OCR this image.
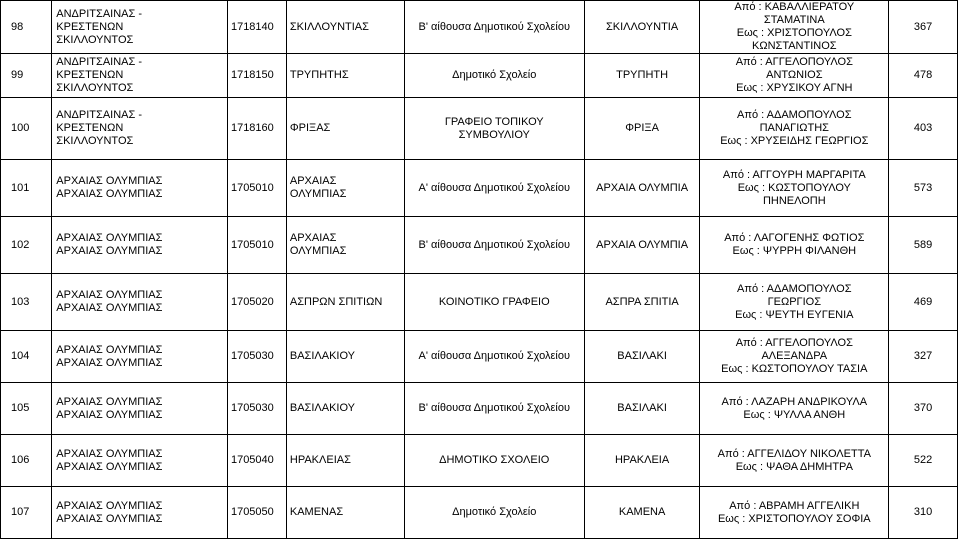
98	ΑΝΔΡΙΤΣΑΙΝΑΣ -
ΚΡΕΣΤΕΝΩΝ
ΣΚΙΛΛΟΥΝΤΟΣ	1718140	ΣΚΙΛΛΟΥΝΤΙΑΣ	Β' αίθουσα Δημοτικού Σχολείου	ΣΚΙΛΛΟΥΝΤΙΑ	Από : ΚΑΒΑΛΛΙΕΡΑΤΟΥ
ΣΤΑΜΑΤΙΝΑ
Εως : ΧΡΙΣΤΟΠΟΥΛΟΣ
ΚΩΝΣΤΑΝΤΙΝΟΣ	367
99	ΑΝΔΡΙΤΣΑΙΝΑΣ -
ΚΡΕΣΤΕΝΩΝ
ΣΚΙΛΛΟΥΝΤΟΣ	1718150	ΤΡΥΠΗΤΗΣ	Δημοτικό Σχολείο	ΤΡΥΠΗΤΗ	Από : ΑΓΓΕΛΟΠΟΥΛΟΣ
ΑΝΤΩΝΙΟΣ
Εως : ΧΡΥΣΙΚΟΥ ΑΓΝΗ	478
100	ΑΝΔΡΙΤΣΑΙΝΑΣ -
ΚΡΕΣΤΕΝΩΝ
ΣΚΙΛΛΟΥΝΤΟΣ	1718160	ΦΡΙΞΑΣ	ΓΡΑΦΕΙΟ ΤΟΠΙΚΟΥ
ΣΥΜΒΟΥΛΙΟΥ	ΦΡΙΞΑ	Από : ΑΔΑΜΟΠΟΥΛΟΣ
ΠΑΝΑΓΙΩΤΗΣ
Εως : ΧΡΥΣΕΙΔΗΣ ΓΕΩΡΓΙΟΣ	403
101	ΑΡΧΑΙΑΣ ΟΛΥΜΠΙΑΣ
ΑΡΧΑΙΑΣ ΟΛΥΜΠΙΑΣ	1705010	ΑΡΧΑΙΑΣ
ΟΛΥΜΠΙΑΣ	Α' αίθουσα Δημοτικού Σχολείου	ΑΡΧΑΙΑ ΟΛΥΜΠΙΑ	Από : ΑΓΓΟΥΡΗ ΜΑΡΓΑΡΙΤΑ
Εως : ΚΩΣΤΟΠΟΥΛΟΥ
ΠΗΝΕΛΟΠΗ	573
102	ΑΡΧΑΙΑΣ ΟΛΥΜΠΙΑΣ
ΑΡΧΑΙΑΣ ΟΛΥΜΠΙΑΣ	1705010	ΑΡΧΑΙΑΣ
ΟΛΥΜΠΙΑΣ	Β' αίθουσα Δημοτικού Σχολείου	ΑΡΧΑΙΑ ΟΛΥΜΠΙΑ	Από : ΛΑΓΟΓΕΝΗΣ ΦΩΤΙΟΣ
Εως : ΨΥΡΡΗ ΦΙΛΑΝΘΗ	589
103	ΑΡΧΑΙΑΣ ΟΛΥΜΠΙΑΣ
ΑΡΧΑΙΑΣ ΟΛΥΜΠΙΑΣ	1705020	ΑΣΠΡΩΝ ΣΠΙΤΙΩΝ	ΚΟΙΝΟΤΙΚΟ ΓΡΑΦΕΙΟ	ΑΣΠΡΑ ΣΠΙΤΙΑ	Από : ΑΔΑΜΟΠΟΥΛΟΣ
ΓΕΩΡΓΙΟΣ
Εως : ΨΕΥΤΗ ΕΥΓΕΝΙΑ	469
104	ΑΡΧΑΙΑΣ ΟΛΥΜΠΙΑΣ
ΑΡΧΑΙΑΣ ΟΛΥΜΠΙΑΣ	1705030	ΒΑΣΙΛΑΚΙΟΥ	Α' αίθουσα Δημοτικού Σχολείου	ΒΑΣΙΛΑΚΙ	Από : ΑΓΓΕΛΟΠΟΥΛΟΣ
ΑΛΕΞΑΝΔΡΑ
Εως : ΚΩΣΤΟΠΟΥΛΟΥ ΤΑΣΙΑ	327
105	ΑΡΧΑΙΑΣ ΟΛΥΜΠΙΑΣ
ΑΡΧΑΙΑΣ ΟΛΥΜΠΙΑΣ	1705030	ΒΑΣΙΛΑΚΙΟΥ	Β' αίθουσα Δημοτικού Σχολείου	ΒΑΣΙΛΑΚΙ	Από : ΛΑΖΑΡΗ ΑΝΔΡΙΚΟΥΛΑ
Εως : ΨΥΛΛΑ ΑΝΘΗ	370
106	ΑΡΧΑΙΑΣ ΟΛΥΜΠΙΑΣ
ΑΡΧΑΙΑΣ ΟΛΥΜΠΙΑΣ	1705040	ΗΡΑΚΛΕΙΑΣ	ΔΗΜΟΤΙΚΟ ΣΧΟΛΕΙΟ	ΗΡΑΚΛΕΙΑ	Από : ΑΓΓΕΛΙΔΟΥ ΝΙΚΟΛΕΤΤΑ
Εως : ΨΑΘΑ ΔΗΜΗΤΡΑ	522
107	ΑΡΧΑΙΑΣ ΟΛΥΜΠΙΑΣ
ΑΡΧΑΙΑΣ ΟΛΥΜΠΙΑΣ	1705050	ΚΑΜΕΝΑΣ	Δημοτικό Σχολείο	ΚΑΜΕΝΑ	Από : ΑΒΡΑΜΗ ΑΓΓΕΛΙΚΗ
Εως : ΧΡΙΣΤΟΠΟΥΛΟΥ ΣΟΦΙΑ	310
